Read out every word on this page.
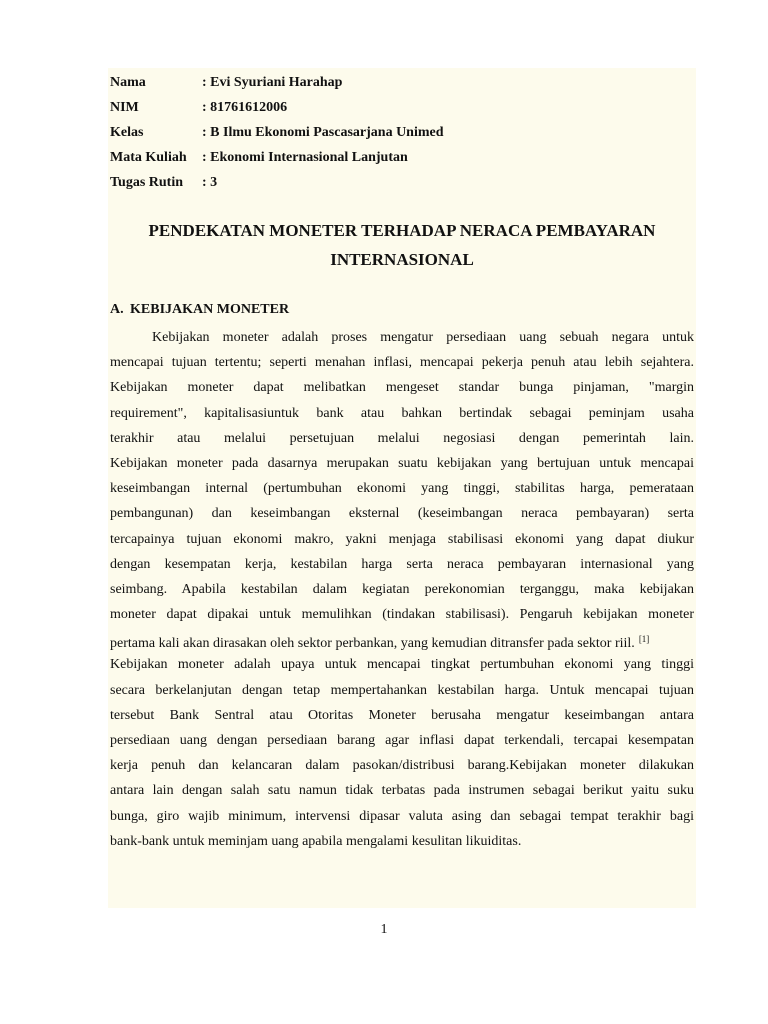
Nama	: Evi Syuriani Harahap
NIM	: 81761612006
Kelas	: B Ilmu Ekonomi Pascasarjana Unimed
Mata Kuliah	: Ekonomi Internasional Lanjutan
Tugas Rutin	: 3
PENDEKATAN MONETER TERHADAP NERACA PEMBAYARAN
INTERNASIONAL
A. KEBIJAKAN MONETER
Kebijakan moneter adalah proses mengatur persediaan uang sebuah negara untuk
mencapai tujuan tertentu; seperti menahan inflasi, mencapai pekerja penuh atau lebih sejahtera.
Kebijakan moneter dapat melibatkan mengeset standar bunga pinjaman, "margin
requirement", kapitalisasiuntuk bank atau bahkan bertindak sebagai peminjam usaha
terakhir atau melalui persetujuan melalui negosiasi dengan pemerintah lain.
Kebijakan moneter pada dasarnya merupakan suatu kebijakan yang bertujuan untuk mencapai
keseimbangan internal (pertumbuhan ekonomi yang tinggi, stabilitas harga, pemerataan
pembangunan) dan keseimbangan eksternal (keseimbangan neraca pembayaran) serta
tercapainya tujuan ekonomi makro, yakni menjaga stabilisasi ekonomi yang dapat diukur
dengan kesempatan kerja, kestabilan harga serta neraca pembayaran internasional yang
seimbang. Apabila kestabilan dalam kegiatan perekonomian terganggu, maka kebijakan
moneter dapat dipakai untuk memulihkan (tindakan stabilisasi). Pengaruh kebijakan moneter
pertama kali akan dirasakan oleh sektor perbankan, yang kemudian ditransfer pada sektor riil. [1]
Kebijakan moneter adalah upaya untuk mencapai tingkat pertumbuhan ekonomi yang tinggi
secara berkelanjutan dengan tetap mempertahankan kestabilan harga. Untuk mencapai tujuan
tersebut Bank Sentral atau Otoritas Moneter berusaha mengatur keseimbangan antara
persediaan uang dengan persediaan barang agar inflasi dapat terkendali, tercapai kesempatan
kerja penuh dan kelancaran dalam pasokan/distribusi barang.Kebijakan moneter dilakukan
antara lain dengan salah satu namun tidak terbatas pada instrumen sebagai berikut yaitu suku
bunga, giro wajib minimum, intervensi dipasar valuta asing dan sebagai tempat terakhir bagi
bank-bank untuk meminjam uang apabila mengalami kesulitan likuiditas.
1
